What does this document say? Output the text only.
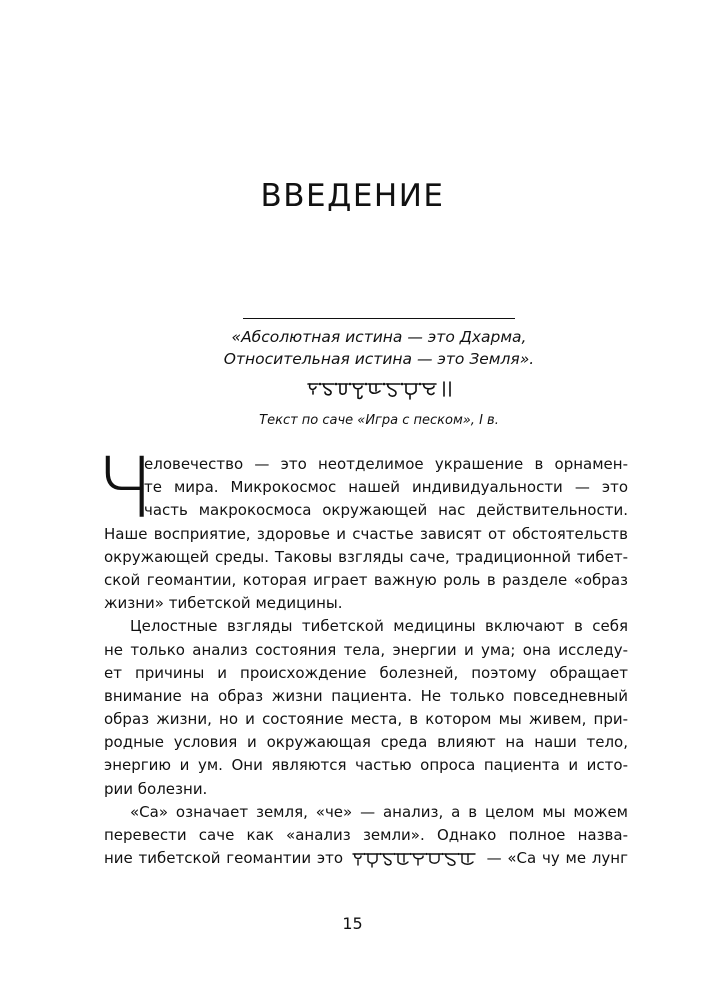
ВВЕДЕНИЕ
«Абсолютная истина — это Дхарма,
Относительная истина — это Земля».
Текст по саче «Игра с песком», I в.
Ч
еловечество — это неотделимое украшение в орнамен-
те мира. Микрокосмос нашей индивидуальности — это
часть макрокосмоса окружающей нас действительности.
Наше восприятие, здоровье и счастье зависят от обстоятельств
окружающей среды. Таковы взгляды саче, традиционной тибет-
ской геомантии, которая играет важную роль в разделе «образ
жизни» тибетской медицины.
Целостные взгляды тибетской медицины включают в себя
не только анализ состояния тела, энергии и ума; она исследу-
ет причины и происхождение болезней, поэтому обращает
внимание на образ жизни пациента. Не только повседневный
образ жизни, но и состояние места, в котором мы живем, при-
родные условия и окружающая среда влияют на наши тело,
энергию и ум. Они являются частью опроса пациента и исто-
рии болезни.
«Са» означает земля, «че» — анализ, а в целом мы можем
перевести саче как «анализ земли». Однако полное назва-
ние тибетской геомантии это	— «Са чу ме лунг
15
